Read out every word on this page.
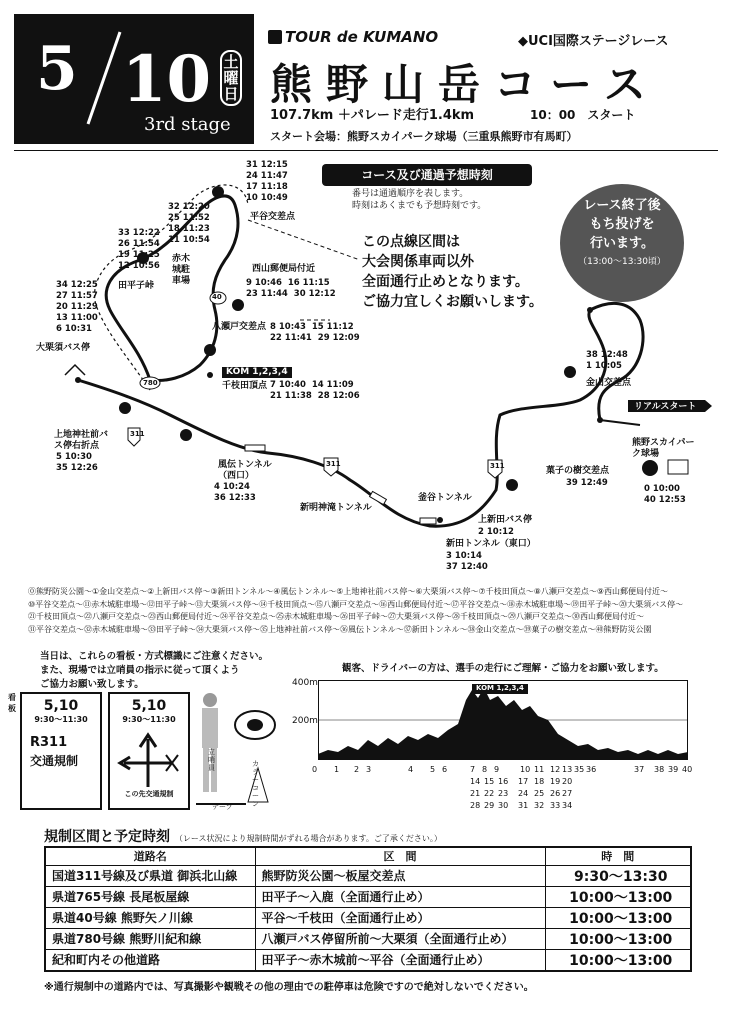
5 10 土曜日
3rd stage
TOUR de KUMANO	◆UCI国際ステージレース
熊野山岳コース
107.7km ＋パレード走行1.4km	10：00　スタート
スタート会場：熊野スカイパーク球場（三重県熊野市有馬町）
コース及び通過予想時刻
番号は通過順序を表します。
時刻はあくまでも予想時刻です。
この点線区間は
大会関係車両以外
全面通行止めとなります。
ご協力宜しくお願いします。
レース終了後
もち投げを
行います。
（13:00～13:30頃）
平谷交差点
西山郵便局付近
八瀬戸交差点
千枝田頂点
KOM 1,2,3,4
田平子峠
赤木城駐車場
大栗須バス停
上地神社前バス停右折点
風伝トンネル（西口）
新明神滝トンネル
釜谷トンネル
上新田バス停
新田トンネル（東口）
金山交差点
リアルスタート
熊野スカイパーク球場
菓子の樹交差点
311
311	311
780
40
31 12:15
24 11:47
17 11:18
10 10:49
32 12:20
25 11:52
18 11:23
11 10:54
33 12:22
26 11:54
19 11:25
12 10:56
34 12:25
27 11:57
20 11:29
13 11:00
6 10:31
9 10:46 16 11:15
23 11:44 30 12:12
8 10:43 15 11:12
22 11:41 29 12:09
7 10:40 14 11:09
21 11:38 28 12:06
5 10:30
35 12:26
4 10:24
36 12:33
2 10:12
3 10:14
37 12:40
38 12:48
1 10:05
39 12:49
0 10:00
40 12:53
⓪熊野防災公園～①金山交差点～②上新田バス停～③新田トンネル～④風伝トンネル～⑤上地神社前バス停～⑥大栗須バス停～⑦千枝田頂点～⑧八瀬戸交差点～⑨西山郵便局付近～
⑩平谷交差点～⑪赤木城駐車場～⑫田平子峠～⑬大栗須バス停～⑭千枝田頂点～⑮八瀬戸交差点～⑯西山郵便局付近～⑰平谷交差点～⑱赤木城駐車場～⑲田平子峠～⑳大栗須バス停～
㉑千枝田頂点～㉒八瀬戸交差点～㉓西山郵便局付近～㉔平谷交差点～㉕赤木城駐車場～㉖田平子峠～㉗大栗須バス停～㉘千枝田頂点～㉙八瀬戸交差点～㉚西山郵便局付近～
㉛平谷交差点～㉜赤木城駐車場～㉝田平子峠～㉞大栗須バス停～㉟上地神社前バス停～㊱風伝トンネル～㊲新田トンネル～㊳金山交差点～㊴菓子の樹交差点～㊵熊野防災公園
当日は、これらの看板・方式標識にご注意ください。
また、現場では立哨員の指示に従って頂くよう
ご協力お願い致します。
看板	5,10
9:30～11:30
R311
交通規制
5,10
9:30～11:30
この先交通規制
立哨員	カラーコーン
テープ
観客、ドライバーの方は、選手の走行にご理解・ご協力をお願い致します。
400m
200m
KOM 1,2,3,4
0 1 2 3	4 5 6	7 8 9	10 11 12 13 35 36	37 38 39 40
14 15 16 17 18 19 20
21 22 23 24 25 26 27
28 29 30 31 32 33 34
規制区間と予定時刻 （レース状況により規制時間がずれる場合があります。ご了承ください。）
道路名	区　間	時　間
国道311号線及び県道 御浜北山線	熊野防災公園～板屋交差点	9:30～13:30
県道765号線 長尾板屋線	田平子～入鹿（全面通行止め）	10:00～13:00
県道40号線 熊野矢ノ川線	平谷～千枝田（全面通行止め）	10:00～13:00
県道780号線 熊野川紀和線	八瀬戸バス停留所前～大栗須（全面通行止め）	10:00～13:00
紀和町内その他道路	田平子～赤木城前～平谷（全面通行止め）	10:00～13:00
※通行規制中の道路内では、写真撮影や観戦その他の理由での駐停車は危険ですので絶対しないでください。
